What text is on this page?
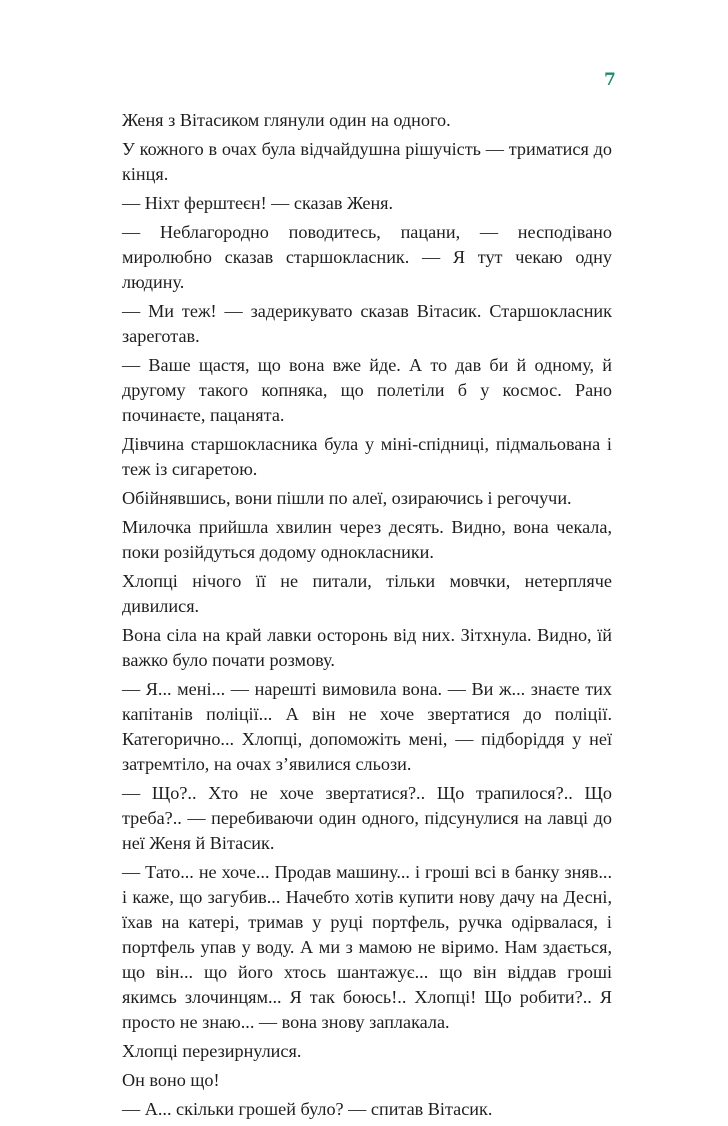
7

Женя з Вітасиком глянули один на одного.

У кожного в очах була відчайдушна рішучість — триматися до кінця.

— Ніхт ферштеєн! — сказав Женя.

— Неблагородно поводитесь, пацани, — несподівано миролюбно сказав старшокласник. — Я тут чекаю одну людину.

— Ми теж! — задерикувато сказав Вітасик. Старшокласник зареготав.

— Ваше щастя, що вона вже йде. А то дав би й одному, й другому такого копняка, що полетіли б у космос. Рано починаєте, пацанята.

Дівчина старшокласника була у міні-спідниці, підмальована і теж із сигаретою.

Обійнявшись, вони пішли по алеї, озираючись і регочучи.

Милочка прийшла хвилин через десять. Видно, вона чекала, поки розійдуться додому однокласники.

Хлопці нічого її не питали, тільки мовчки, нетерпляче дивилися.

Вона сіла на край лавки осторонь від них. Зітхнула. Видно, їй важко було почати розмову.

— Я... мені... — нарешті вимовила вона. — Ви ж... знаєте тих капітанів поліції... А він не хоче звертатися до поліції. Категорично... Хлопці, допоможіть мені, — підборіддя у неї затремтіло, на очах з’явилися сльози.

— Що?.. Хто не хоче звертатися?.. Що трапилося?.. Що треба?.. — перебиваючи один одного, підсунулися на лавці до неї Женя й Вітасик.

— Тато... не хоче... Продав машину... і гроші всі в банку зняв... і каже, що загубив... Начебто хотів купити нову дачу на Десні, їхав на катері, тримав у руці портфель, ручка одірвалася, і портфель упав у воду. А ми з мамою не віримо. Нам здається, що він... що його хтось шантажує... що він віддав гроші якимсь злочинцям... Я так боюсь!.. Хлопці! Що робити?.. Я просто не знаю... — вона знову заплакала.

Хлопці перезирнулися.

Он воно що!

— А... скільки грошей було? — спитав Вітасик.
